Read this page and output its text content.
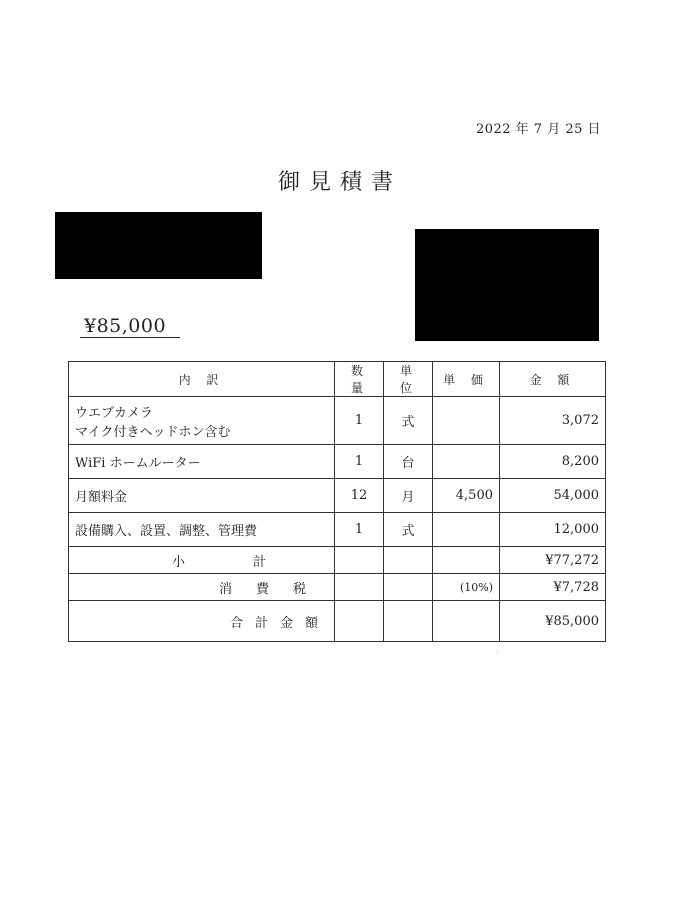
2022 年 7 月 25 日
御見積書
¥85,000
内 訳	数 量	単 位	単 価	金 額

ウエブカメラ
マイク付きヘッドホン含む	1	式		3,072
WiFi ホームルーター	1	台		8,200
月額料金	12	月	4,500	54,000
設備購入、設置、調整、管理費	1	式		12,000
小計				¥77,272
消費税			(10%)	¥7,728
合計金額				¥85,000
